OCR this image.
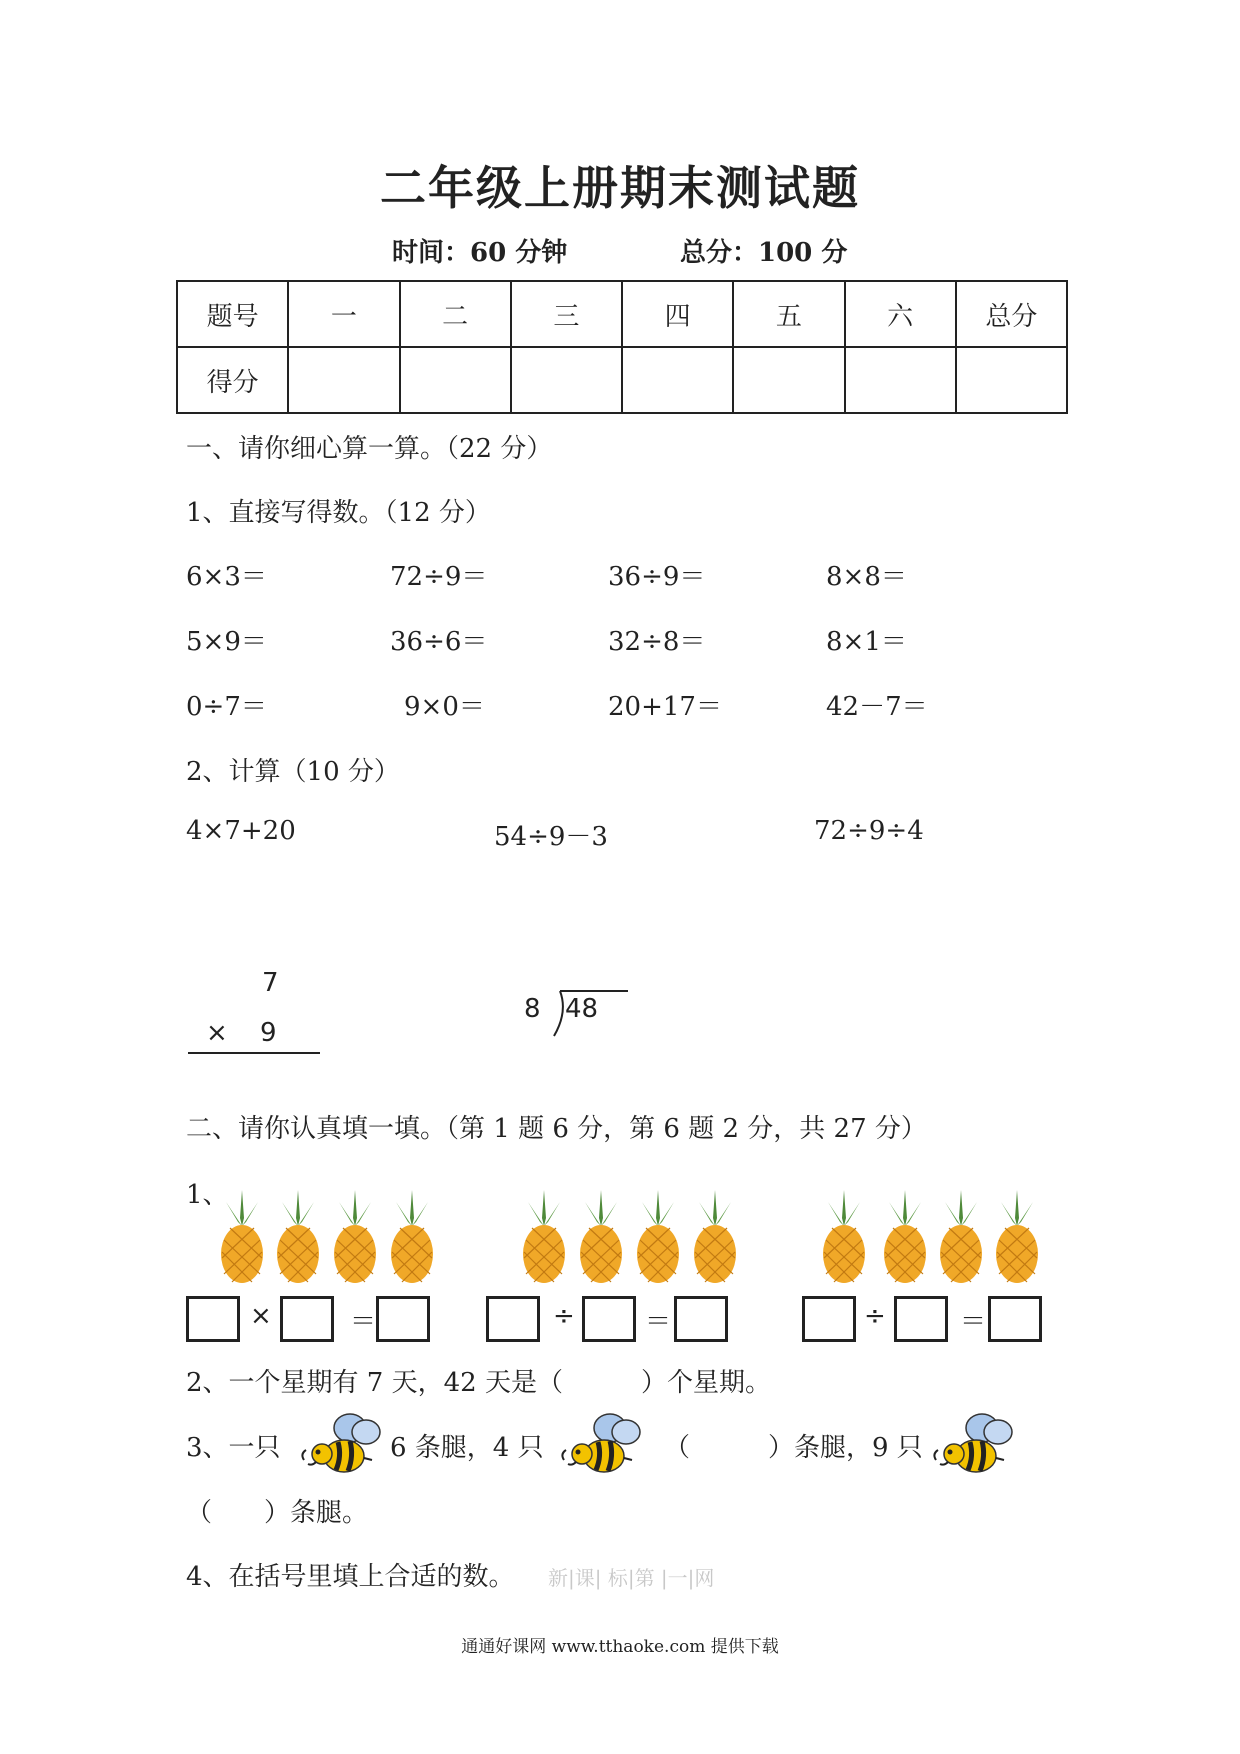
二年级上册期末测试题
时间：60 分钟	总分：100 分
题号	一	二	三	四	五	六	总分
得分							
一、请你细心算一算。（22 分）
1、直接写得数。（12 分）
6×3＝	72÷9＝	36÷9＝	8×8＝
5×9＝	36÷6＝	32÷8＝	8×1＝
0÷7＝	9×0＝	20+17＝	42－7＝
2、计算（10 分）
4×7+20	54÷9－3	72÷9÷4
7
× 9
8 48
二、请你认真填一填。（第 1 题 6 分，第 6 题 2 分，共 27 分）
1、
×	＝	÷	＝	÷	＝
2、一个星期有 7 天，42 天是（　　　）个星期。
3、一只	6 条腿，4 只	（　　　）条腿，9 只
（　　）条腿。
4、在括号里填上合适的数。 新|课| 标|第 |一|网
通通好课网 www.tthaoke.com 提供下载
